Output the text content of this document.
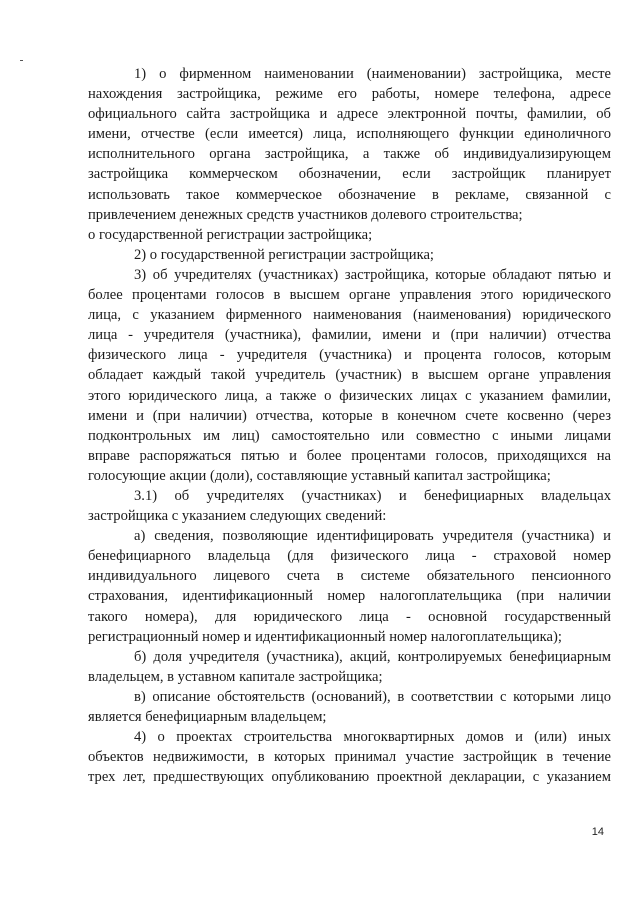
1) о фирменном наименовании (наименовании) застройщика, месте
нахождения застройщика, режиме его работы, номере телефона, адресе
официального сайта застройщика и адресе электронной почты, фамилии, об
имени, отчестве (если имеется) лица, исполняющего функции единоличного
исполнительного органа застройщика, а также об индивидуализирующем
застройщика коммерческом обозначении, если застройщик планирует
использовать такое коммерческое обозначение в рекламе, связанной с
привлечением денежных средств участников долевого строительства;
о государственной регистрации застройщика;
2) о государственной регистрации застройщика;
3) об учредителях (участниках) застройщика, которые обладают пятью и
более процентами голосов в высшем органе управления этого юридического
лица, с указанием фирменного наименования (наименования) юридического
лица - учредителя (участника), фамилии, имени и (при наличии) отчества
физического лица - учредителя (участника) и процента голосов, которым
обладает каждый такой учредитель (участник) в высшем органе управления
этого юридического лица, а также о физических лицах с указанием фамилии,
имени и (при наличии) отчества, которые в конечном счете косвенно (через
подконтрольных им лиц) самостоятельно или совместно с иными лицами
вправе распоряжаться пятью и более процентами голосов, приходящихся на
голосующие акции (доли), составляющие уставный капитал застройщика;
3.1) об учредителях (участниках) и бенефициарных владельцах
застройщика с указанием следующих сведений:
а) сведения, позволяющие идентифицировать учредителя (участника) и
бенефициарного владельца (для физического лица - страховой номер
индивидуального лицевого счета в системе обязательного пенсионного
страхования, идентификационный номер налогоплательщика (при наличии
такого номера), для юридического лица - основной государственный
регистрационный номер и идентификационный номер налогоплательщика);
б) доля учредителя (участника), акций, контролируемых бенефициарным
владельцем, в уставном капитале застройщика;
в) описание обстоятельств (оснований), в соответствии с которыми лицо
является бенефициарным владельцем;
4) о проектах строительства многоквартирных домов и (или) иных
объектов недвижимости, в которых принимал участие застройщик в течение
трех лет, предшествующих опубликованию проектной декларации, с указанием
14
